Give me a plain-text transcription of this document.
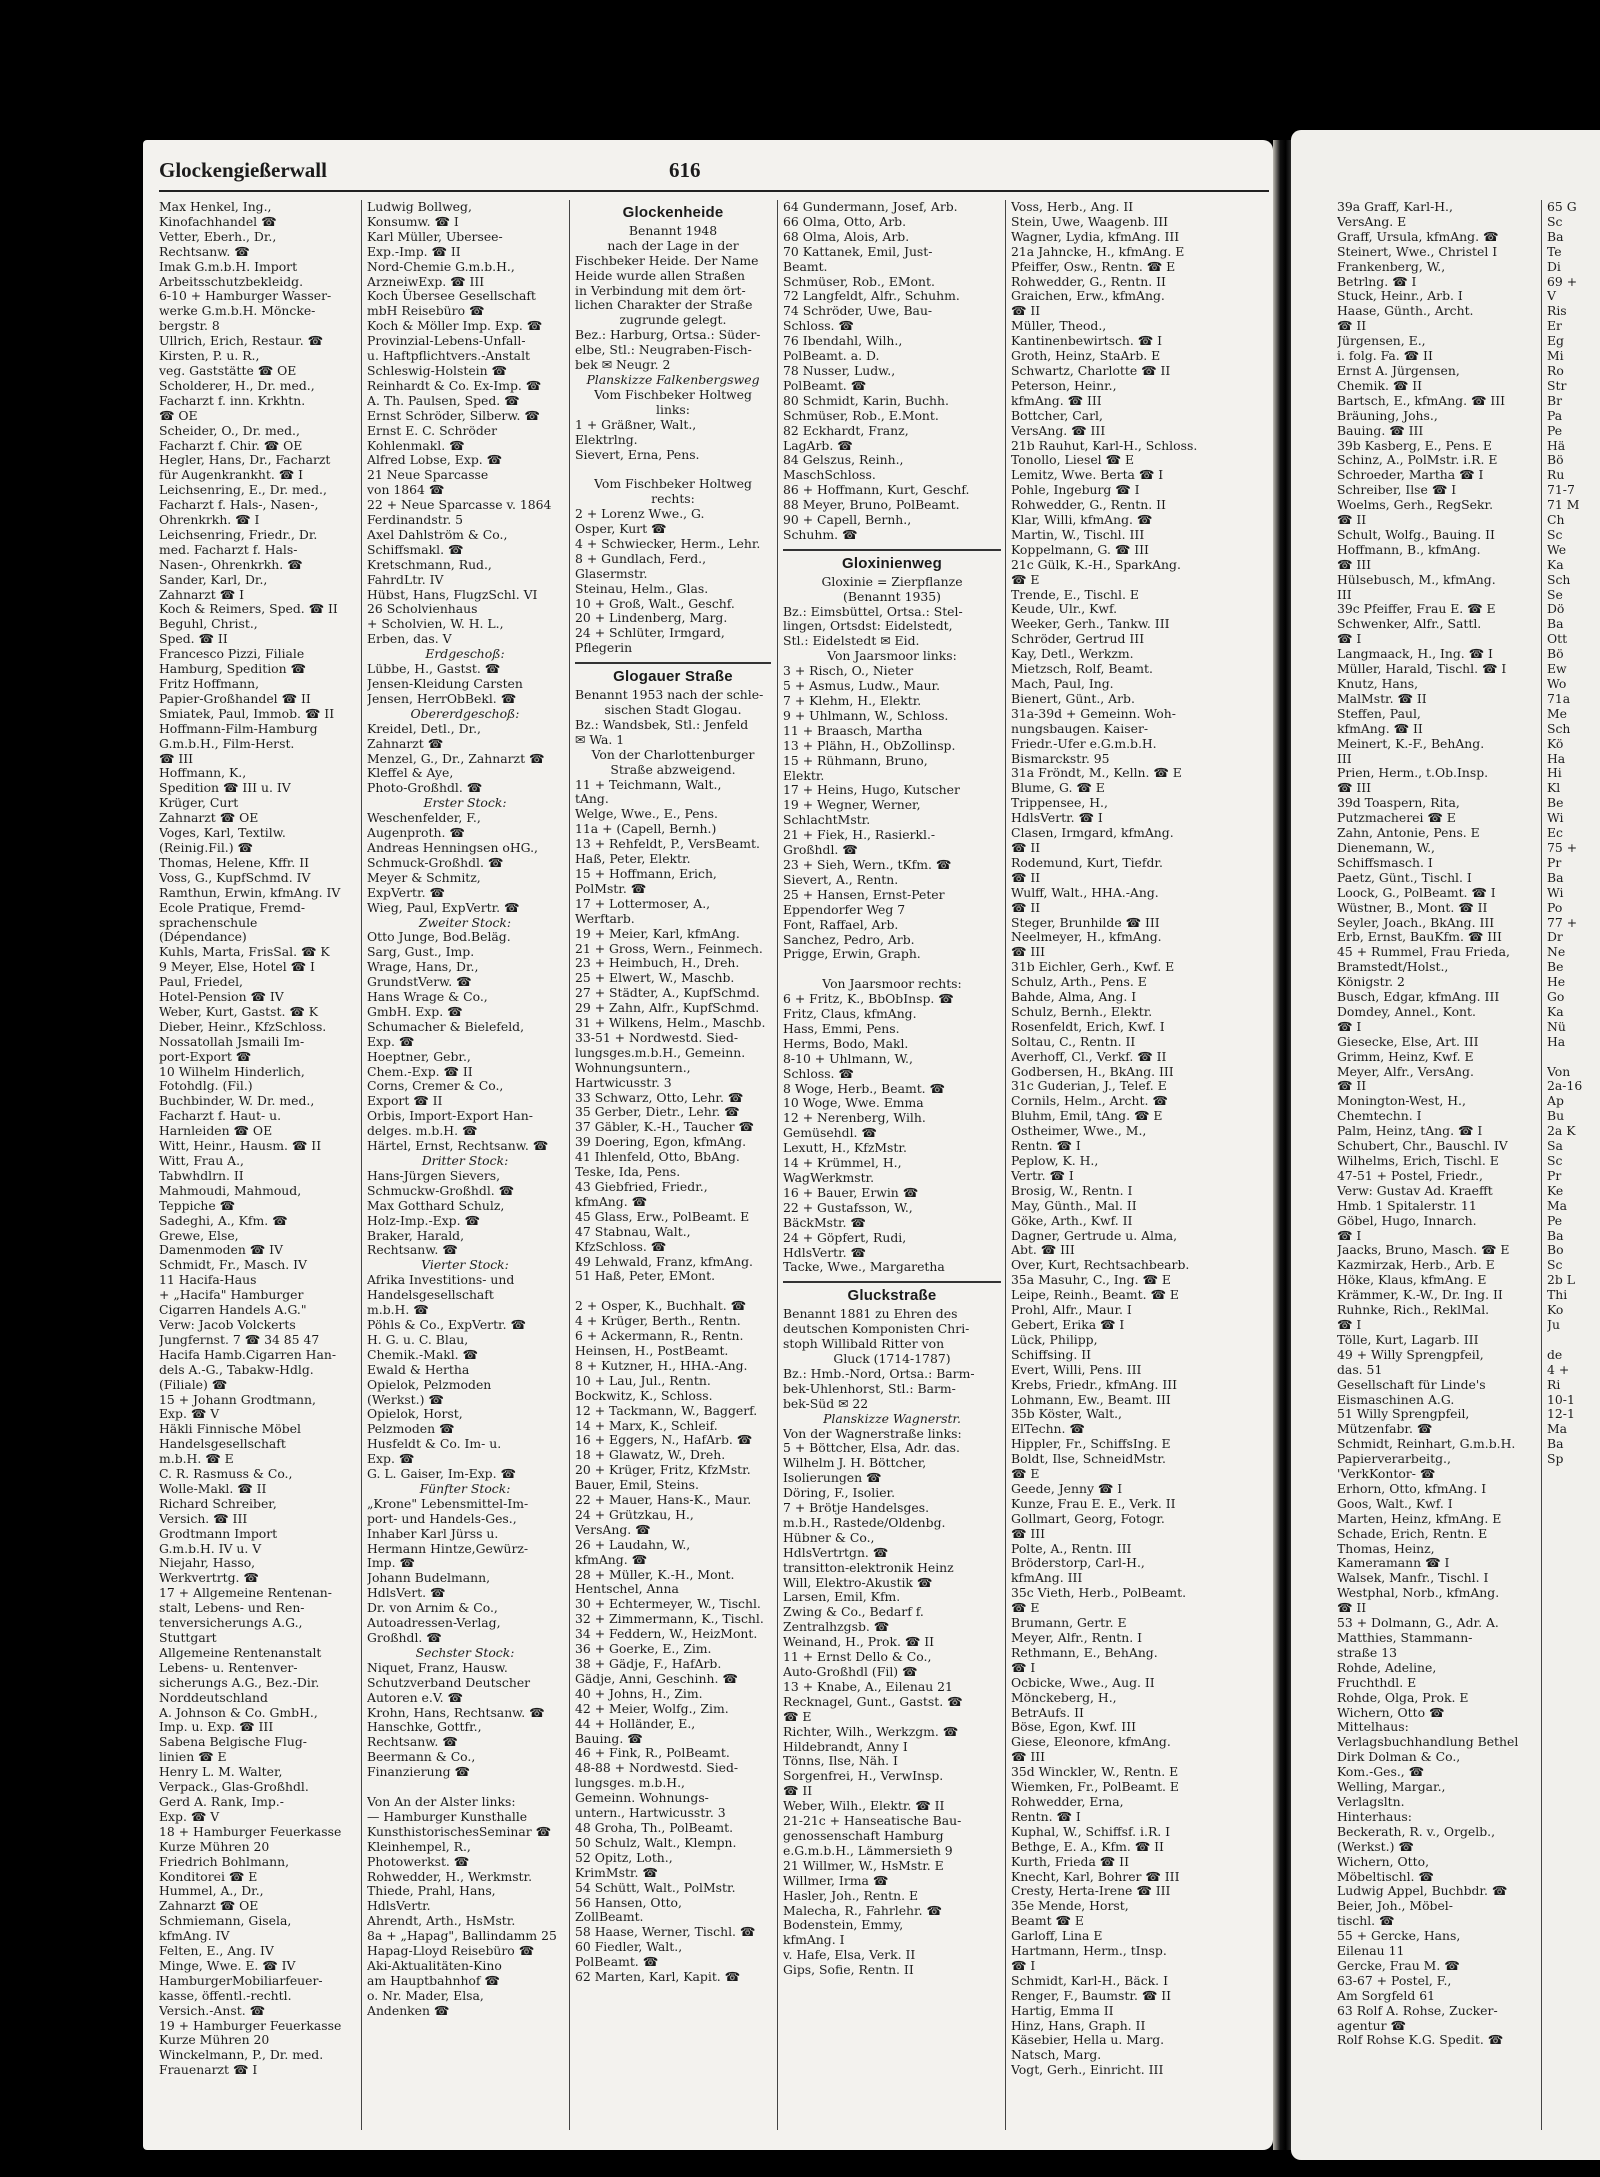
Glockengießerwall	616
Max Henkel, Ing.,
Kinofachhandel ☎
Vetter, Eberh., Dr.,
Rechtsanw. ☎
Imak G.m.b.H. Import
Arbeitsschutzbekleidg.
6-10 + Hamburger Wasser-
werke G.m.b.H. Möncke-
bergstr. 8
Ullrich, Erich, Restaur. ☎
Kirsten, P. u. R.,
veg. Gaststätte ☎ OE
Scholderer, H., Dr. med.,
Facharzt f. inn. Krkhtn.
☎ OE
Scheider, O., Dr. med.,
Facharzt f. Chir. ☎ OE
Hegler, Hans, Dr., Facharzt
für Augenkrankht. ☎ I
Leichsenring, E., Dr. med.,
Facharzt f. Hals-, Nasen-,
Ohrenkrkh. ☎ I
Leichsenring, Friedr., Dr.
med. Facharzt f. Hals-
Nasen-, Ohrenkrkh. ☎
Sander, Karl, Dr.,
Zahnarzt ☎ I
Koch & Reimers, Sped. ☎ II
Beguhl, Christ.,
Sped. ☎ II
Francesco Pizzi, Filiale
Hamburg, Spedition ☎
Fritz Hoffmann,
Papier-Großhandel ☎ II
Smiatek, Paul, Immob. ☎ II
Hoffmann-Film-Hamburg
G.m.b.H., Film-Herst.
☎ III
Hoffmann, K.,
Spedition ☎ III u. IV
Krüger, Curt
Zahnarzt ☎ OE
Voges, Karl, Textilw.
(Reinig.Fil.) ☎
Thomas, Helene, Kffr. II
Voss, G., KupfSchmd. IV
Ramthun, Erwin, kfmAng. IV
Ecole Pratique, Fremd-
sprachenschule
(Dépendance)
Kuhls, Marta, FrisSal. ☎ K
9 Meyer, Else, Hotel ☎ I
Paul, Friedel,
Hotel-Pension ☎ IV
Weber, Kurt, Gastst. ☎ K
Dieber, Heinr., KfzSchloss.
Nossatollah Jsmaili Im-
port-Export ☎
10 Wilhelm Hinderlich,
Fotohdlg. (Fil.)
Buchbinder, W. Dr. med.,
Facharzt f. Haut- u.
Harnleiden ☎ OE
Witt, Heinr., Hausm. ☎ II
Witt, Frau A.,
Tabwhdlrn. II
Mahmoudi, Mahmoud,
Teppiche ☎
Sadeghi, A., Kfm. ☎
Grewe, Else,
Damenmoden ☎ IV
Schmidt, Fr., Masch. IV
11 Hacifa-Haus
+ „Hacifa" Hamburger
Cigarren Handels A.G."
Verw: Jacob Volckerts
Jungfernst. 7 ☎ 34 85 47
Hacifa Hamb.Cigarren Han-
dels A.-G., Tabakw-Hdlg.
(Filiale) ☎
15 + Johann Grodtmann,
Exp. ☎ V
Häkli Finnische Möbel
Handelsgesellschaft
m.b.H. ☎ E
C. R. Rasmuss & Co.,
Wolle-Makl. ☎ II
Richard Schreiber,
Versich. ☎ III
Grodtmann Import
G.m.b.H. IV u. V
Niejahr, Hasso,
Werkvertrtg. ☎
17 + Allgemeine Rentenan-
stalt, Lebens- und Ren-
tenversicherungs A.G.,
Stuttgart
Allgemeine Rentenanstalt
Lebens- u. Rentenver-
sicherungs A.G., Bez.-Dir.
Norddeutschland
A. Johnson & Co. GmbH.,
Imp. u. Exp. ☎ III
Sabena Belgische Flug-
linien ☎ E
Henry L. M. Walter,
Verpack., Glas-Großhdl.
Gerd A. Rank, Imp.-
Exp. ☎ V
18 + Hamburger Feuerkasse
Kurze Mühren 20
Friedrich Bohlmann,
Konditorei ☎ E
Hummel, A., Dr.,
Zahnarzt ☎ OE
Schmiemann, Gisela,
kfmAng. IV
Felten, E., Ang. IV
Minge, Wwe. E. ☎ IV
HamburgerMobiliarfeuer-
kasse, öffentl.-rechtl.
Versich.-Anst. ☎
19 + Hamburger Feuerkasse
Kurze Mühren 20
Winckelmann, P., Dr. med.
Frauenarzt ☎ I
Ludwig Bollweg,
Konsumw. ☎ I
Karl Müller, Ubersee-
Exp.-Imp. ☎ II
Nord-Chemie G.m.b.H.,
ArzneiwExp. ☎ III
Koch Übersee Gesellschaft
mbH Reisebüro ☎
Koch & Möller Imp. Exp. ☎
Provinzial-Lebens-Unfall-
u. Haftpflichtvers.-Anstalt
Schleswig-Holstein ☎
Reinhardt & Co. Ex-Imp. ☎
A. Th. Paulsen, Sped. ☎
Ernst Schröder, Silberw. ☎
Ernst E. C. Schröder
Kohlenmakl. ☎
Alfred Lobse, Exp. ☎
21 Neue Sparcasse
von 1864 ☎
22 + Neue Sparcasse v. 1864
Ferdinandstr. 5
Axel Dahlström & Co.,
Schiffsmakl. ☎
Kretschmann, Rud.,
FahrdLtr. IV
Hübst, Hans, FlugzSchl. VI
26 Scholvienhaus
+ Scholvien, W. H. L.,
Erben, das. V
Erdgeschoß:
Lübbe, H., Gastst. ☎
Jensen-Kleidung Carsten
Jensen, HerrObBekl. ☎
Obererdgeschoß:
Kreidel, Detl., Dr.,
Zahnarzt ☎
Menzel, G., Dr., Zahnarzt ☎
Kleffel & Aye,
Photo-Großhdl. ☎
Erster Stock:
Weschenfelder, F.,
Augenproth. ☎
Andreas Henningsen oHG.,
Schmuck-Großhdl. ☎
Meyer & Schmitz,
ExpVertr. ☎
Wieg, Paul, ExpVertr. ☎
Zweiter Stock:
Otto Junge, Bod.Beläg.
Sarg, Gust., Imp.
Wrage, Hans, Dr.,
GrundstVerw. ☎
Hans Wrage & Co.,
GmbH. Exp. ☎
Schumacher & Bielefeld,
Exp. ☎
Hoeptner, Gebr.,
Chem.-Exp. ☎ II
Corns, Cremer & Co.,
Export ☎ II
Orbis, Import-Export Han-
delges. m.b.H. ☎
Härtel, Ernst, Rechtsanw. ☎
Dritter Stock:
Hans-Jürgen Sievers,
Schmuckw-Großhdl. ☎
Max Gotthard Schulz,
Holz-Imp.-Exp. ☎
Braker, Harald,
Rechtsanw. ☎
Vierter Stock:
Afrika Investitions- und
Handelsgesellschaft
m.b.H. ☎
Pöhls & Co., ExpVertr. ☎
H. G. u. C. Blau,
Chemik.-Makl. ☎
Ewald & Hertha
Opielok, Pelzmoden
(Werkst.) ☎
Opielok, Horst,
Pelzmoden ☎
Husfeldt & Co. Im- u.
Exp. ☎
G. L. Gaiser, Im-Exp. ☎
Fünfter Stock:
„Krone" Lebensmittel-Im-
port- und Handels-Ges.,
Inhaber Karl Jürss u.
Hermann Hintze,Gewürz-
Imp. ☎
Johann Budelmann,
HdlsVert. ☎
Dr. von Arnim & Co.,
Autoadressen-Verlag,
Großhdl. ☎
Sechster Stock:
Niquet, Franz, Hausw.
Schutzverband Deutscher
Autoren e.V. ☎
Krohn, Hans, Rechtsanw. ☎
Hanschke, Gottfr.,
Rechtsanw. ☎
Beermann & Co.,
Finanzierung ☎

Von An der Alster links:
— Hamburger Kunsthalle
KunsthistorischesSeminar ☎
Kleinhempel, R.,
Photowerkst. ☎
Rohwedder, H., Werkmstr.
Thiede, Prahl, Hans,
HdlsVertr.
Ahrendt, Arth., HsMstr.
8a + „Hapag", Ballindamm 25
Hapag-Lloyd Reisebüro ☎
Aki-Aktualitäten-Kino
am Hauptbahnhof ☎
o. Nr. Mader, Elsa,
Andenken ☎
Glockenheide
Benannt 1948
nach der Lage in der
Fischbeker Heide. Der Name
Heide wurde allen Straßen
in Verbindung mit dem ört-
lichen Charakter der Straße
zugrunde gelegt.
Bez.: Harburg, Ortsa.: Süder-
elbe, Stl.: Neugraben-Fisch-
bek ✉ Neugr. 2
Planskizze Falkenbergsweg
Vom Fischbeker Holtweg
links:
1 + Gräßner, Walt.,
Elektrlng.
Sievert, Erna, Pens.

Vom Fischbeker Holtweg
rechts:
2 + Lorenz Wwe., G.
Osper, Kurt ☎
4 + Schwiecker, Herm., Lehr.
8 + Gundlach, Ferd.,
Glasermstr.
Steinau, Helm., Glas.
10 + Groß, Walt., Geschf.
20 + Lindenberg, Marg.
24 + Schlüter, Irmgard,
Pflegerin
Glogauer Straße
Benannt 1953 nach der schle-
sischen Stadt Glogau.
Bz.: Wandsbek, Stl.: Jenfeld
✉ Wa. 1
Von der Charlottenburger
Straße abzweigend.
11 + Teichmann, Walt.,
tAng.
Welge, Wwe., E., Pens.
11a + (Capell, Bernh.)
13 + Rehfeldt, P., VersBeamt.
Haß, Peter, Elektr.
15 + Hoffmann, Erich,
PolMstr. ☎
17 + Lottermoser, A.,
Werftarb.
19 + Meier, Karl, kfmAng.
21 + Gross, Wern., Feinmech.
23 + Heimbuch, H., Dreh.
25 + Elwert, W., Maschb.
27 + Städter, A., KupfSchmd.
29 + Zahn, Alfr., KupfSchmd.
31 + Wilkens, Helm., Maschb.
33-51 + Nordwestd. Sied-
lungsges.m.b.H., Gemeinn.
Wohnungsuntern.,
Hartwicusstr. 3
33 Schwarz, Otto, Lehr. ☎
35 Gerber, Dietr., Lehr. ☎
37 Gäbler, K.-H., Taucher ☎
39 Doering, Egon, kfmAng.
41 Ihlenfeld, Otto, BbAng.
Teske, Ida, Pens.
43 Giebfried, Friedr.,
kfmAng. ☎
45 Glass, Erw., PolBeamt. E
47 Stabnau, Walt.,
KfzSchloss. ☎
49 Lehwald, Franz, kfmAng.
51 Haß, Peter, EMont.

2 + Osper, K., Buchhalt. ☎
4 + Krüger, Berth., Rentn.
6 + Ackermann, R., Rentn.
Heinsen, H., PostBeamt.
8 + Kutzner, H., HHA.-Ang.
10 + Lau, Jul., Rentn.
Bockwitz, K., Schloss.
12 + Tackmann, W., Baggerf.
14 + Marx, K., Schleif.
16 + Eggers, N., HafArb. ☎
18 + Glawatz, W., Dreh.
20 + Krüger, Fritz, KfzMstr.
Bauer, Emil, Steins.
22 + Mauer, Hans-K., Maur.
24 + Grützkau, H.,
VersAng. ☎
26 + Laudahn, W.,
kfmAng. ☎
28 + Müller, K.-H., Mont.
Hentschel, Anna
30 + Echtermeyer, W., Tischl.
32 + Zimmermann, K., Tischl.
34 + Feddern, W., HeizMont.
36 + Goerke, E., Zim.
38 + Gädje, F., HafArb.
Gädje, Anni, Geschinh. ☎
40 + Johns, H., Zim.
42 + Meier, Wolfg., Zim.
44 + Holländer, E.,
Bauing. ☎
46 + Fink, R., PolBeamt.
48-88 + Nordwestd. Sied-
lungsges. m.b.H.,
Gemeinn. Wohnungs-
untern., Hartwicusstr. 3
48 Groha, Th., PolBeamt.
50 Schulz, Walt., Klempn.
52 Opitz, Loth.,
KrimMstr. ☎
54 Schütt, Walt., PolMstr.
56 Hansen, Otto,
ZollBeamt.
58 Haase, Werner, Tischl. ☎
60 Fiedler, Walt.,
PolBeamt. ☎
62 Marten, Karl, Kapit. ☎
64 Gundermann, Josef, Arb.
66 Olma, Otto, Arb.
68 Olma, Alois, Arb.
70 Kattanek, Emil, Just-
Beamt.
Schmüser, Rob., EMont.
72 Langfeldt, Alfr., Schuhm.
74 Schröder, Uwe, Bau-
Schloss. ☎
76 Ibendahl, Wilh.,
PolBeamt. a. D.
78 Nusser, Ludw.,
PolBeamt. ☎
80 Schmidt, Karin, Buchh.
Schmüser, Rob., E.Mont.
82 Eckhardt, Franz,
LagArb. ☎
84 Gelszus, Reinh.,
MaschSchloss.
86 + Hoffmann, Kurt, Geschf.
88 Meyer, Bruno, PolBeamt.
90 + Capell, Bernh.,
Schuhm. ☎
Gloxinienweg
Gloxinie = Zierpflanze
(Benannt 1935)
Bz.: Eimsbüttel, Ortsa.: Stel-
lingen, Ortsdst: Eidelstedt,
Stl.: Eidelstedt ✉ Eid.
Von Jaarsmoor links:
3 + Risch, O., Nieter
5 + Asmus, Ludw., Maur.
7 + Klehm, H., Elektr.
9 + Uhlmann, W., Schloss.
11 + Braasch, Martha
13 + Plähn, H., ObZollinsp.
15 + Rühmann, Bruno,
Elektr.
17 + Heins, Hugo, Kutscher
19 + Wegner, Werner,
SchlachtMstr.
21 + Fiek, H., Rasierkl.-
Großhdl. ☎
23 + Sieh, Wern., tKfm. ☎
Sievert, A., Rentn.
25 + Hansen, Ernst-Peter
Eppendorfer Weg 7
Font, Raffael, Arb.
Sanchez, Pedro, Arb.
Prigge, Erwin, Graph.

Von Jaarsmoor rechts:
6 + Fritz, K., BbObInsp. ☎
Fritz, Claus, kfmAng.
Hass, Emmi, Pens.
Herms, Bodo, Makl.
8-10 + Uhlmann, W.,
Schloss. ☎
8 Woge, Herb., Beamt. ☎
10 Woge, Wwe. Emma
12 + Nerenberg, Wilh.
Gemüsehdl. ☎
Lexutt, H., KfzMstr.
14 + Krümmel, H.,
WagWerkmstr.
16 + Bauer, Erwin ☎
22 + Gustafsson, W.,
BäckMstr. ☎
24 + Göpfert, Rudi,
HdlsVertr. ☎
Tacke, Wwe., Margaretha
Gluckstraße
Benannt 1881 zu Ehren des
deutschen Komponisten Chri-
stoph Willibald Ritter von
Gluck (1714-1787)
Bz.: Hmb.-Nord, Ortsa.: Barm-
bek-Uhlenhorst, Stl.: Barm-
bek-Süd ✉ 22
Planskizze Wagnerstr.
Von der Wagnerstraße links:
5 + Böttcher, Elsa, Adr. das.
Wilhelm J. H. Böttcher,
Isolierungen ☎
Döring, F., Isolier.
7 + Brötje Handelsges.
m.b.H., Rastede/Oldenbg.
Hübner & Co.,
HdlsVertrtgn. ☎
transitton-elektronik Heinz
Will, Elektro-Akustik ☎
Larsen, Emil, Kfm.
Zwing & Co., Bedarf f.
Zentralhzgsb. ☎
Weinand, H., Prok. ☎ II
11 + Ernst Dello & Co.,
Auto-Großhdl (Fil) ☎
13 + Knabe, A., Eilenau 21
Recknagel, Gunt., Gastst. ☎
☎ E
Richter, Wilh., Werkzgm. ☎
Hildebrandt, Anny I
Tönns, Ilse, Näh. I
Sorgenfrei, H., VerwInsp.
☎ II
Weber, Wilh., Elektr. ☎ II
21-21c + Hanseatische Bau-
genossenschaft Hamburg
e.G.m.b.H., Lämmersieth 9
21 Willmer, W., HsMstr. E
Willmer, Irma ☎
Hasler, Joh., Rentn. E
Malecha, R., Fahrlehr. ☎
Bodenstein, Emmy,
kfmAng. I
v. Hafe, Elsa, Verk. II
Gips, Sofie, Rentn. II
Voss, Herb., Ang. II
Stein, Uwe, Waagenb. III
Wagner, Lydia, kfmAng. III
21a Jahncke, H., kfmAng. E
Pfeiffer, Osw., Rentn. ☎ E
Rohwedder, G., Rentn. II
Graichen, Erw., kfmAng.
☎ II
Müller, Theod.,
Kantinenbewirtsch. ☎ I
Groth, Heinz, StaArb. E
Schwartz, Charlotte ☎ II
Peterson, Heinr.,
kfmAng. ☎ III
Bottcher, Carl,
VersAng. ☎ III
21b Rauhut, Karl-H., Schloss.
Tonollo, Liesel ☎ E
Lemitz, Wwe. Berta ☎ I
Pohle, Ingeburg ☎ I
Rohwedder, G., Rentn. II
Klar, Willi, kfmAng. ☎
Martin, W., Tischl. III
Koppelmann, G. ☎ III
21c Gülk, K.-H., SparkAng.
☎ E
Trende, E., Tischl. E
Keude, Ulr., Kwf.
Weeker, Gerh., Tankw. III
Schröder, Gertrud III
Kay, Detl., Werkzm.
Mietzsch, Rolf, Beamt.
Mach, Paul, Ing.
Bienert, Günt., Arb.
31a-39d + Gemeinn. Woh-
nungsbaugen. Kaiser-
Friedr.-Ufer e.G.m.b.H.
Bismarckstr. 95
31a Fröndt, M., Kelln. ☎ E
Blume, G. ☎ E
Trippensee, H.,
HdlsVertr. ☎ I
Clasen, Irmgard, kfmAng.
☎ II
Rodemund, Kurt, Tiefdr.
☎ II
Wulff, Walt., HHA.-Ang.
☎ II
Steger, Brunhilde ☎ III
Neelmeyer, H., kfmAng.
☎ III
31b Eichler, Gerh., Kwf. E
Schulz, Arth., Pens. E
Bahde, Alma, Ang. I
Schulz, Bernh., Elektr.
Rosenfeldt, Erich, Kwf. I
Soltau, C., Rentn. II
Averhoff, Cl., Verkf. ☎ II
Godbersen, H., BkAng. III
31c Guderian, J., Telef. E
Cornils, Helm., Archt. ☎
Bluhm, Emil, tAng. ☎ E
Ostheimer, Wwe., M.,
Rentn. ☎ I
Peplow, K. H.,
Vertr. ☎ I
Brosig, W., Rentn. I
May, Günth., Mal. II
Göke, Arth., Kwf. II
Dagner, Gertrude u. Alma,
Abt. ☎ III
Over, Kurt, Rechtsachbearb.
35a Masuhr, C., Ing. ☎ E
Leipe, Reinh., Beamt. ☎ E
Prohl, Alfr., Maur. I
Gebert, Erika ☎ I
Lück, Philipp,
Schiffsing. II
Evert, Willi, Pens. III
Krebs, Friedr., kfmAng. III
Lohmann, Ew., Beamt. III
35b Köster, Walt.,
ElTechn. ☎
Hippler, Fr., SchiffsIng. E
Boldt, Ilse, SchneidMstr.
☎ E
Geede, Jenny ☎ I
Kunze, Frau E. E., Verk. II
Gollmart, Georg, Fotogr.
☎ III
Polte, A., Rentn. III
Bröderstorp, Carl-H.,
kfmAng. III
35c Vieth, Herb., PolBeamt.
☎ E
Brumann, Gertr. E
Meyer, Alfr., Rentn. I
Rethmann, E., BehAng.
☎ I
Ocbicke, Wwe., Aug. II
Mönckeberg, H.,
BetrAufs. II
Böse, Egon, Kwf. III
Giese, Eleonore, kfmAng.
☎ III
35d Winckler, W., Rentn. E
Wiemken, Fr., PolBeamt. E
Rohwedder, Erna,
Rentn. ☎ I
Kuphal, W., Schiffsf. i.R. I
Bethge, E. A., Kfm. ☎ II
Kurth, Frieda ☎ II
Knecht, Karl, Bohrer ☎ III
Cresty, Herta-Irene ☎ III
35e Mende, Horst,
Beamt ☎ E
Garloff, Lina E
Hartmann, Herm., tInsp.
☎ I
Schmidt, Karl-H., Bäck. I
Renger, F., Baumstr. ☎ II
Hartig, Emma II
Hinz, Hans, Graph. II
Käsebier, Hella u. Marg.
Natsch, Marg.
Vogt, Gerh., Einricht. III
39a Graff, Karl-H.,
VersAng. E
Graff, Ursula, kfmAng. ☎
Steinert, Wwe., Christel I
Frankenberg, W.,
Betrlng. ☎ I
Stuck, Heinr., Arb. I
Haase, Günth., Archt.
☎ II
Jürgensen, E.,
i. folg. Fa. ☎ II
Ernst A. Jürgensen,
Chemik. ☎ II
Bartsch, E., kfmAng. ☎ III
Bräuning, Johs.,
Bauing. ☎ III
39b Kasberg, E., Pens. E
Schinz, A., PolMstr. i.R. E
Schroeder, Martha ☎ I
Schreiber, Ilse ☎ I
Woelms, Gerh., RegSekr.
☎ II
Schult, Wolfg., Bauing. II
Hoffmann, B., kfmAng.
☎ III
Hülsebusch, M., kfmAng.
III
39c Pfeiffer, Frau E. ☎ E
Schwenker, Alfr., Sattl.
☎ I
Langmaack, H., Ing. ☎ I
Müller, Harald, Tischl. ☎ I
Knutz, Hans,
MalMstr. ☎ II
Steffen, Paul,
kfmAng. ☎ II
Meinert, K.-F., BehAng.
III
Prien, Herm., t.Ob.Insp.
☎ III
39d Toaspern, Rita,
Putzmacherei ☎ E
Zahn, Antonie, Pens. E
Dienemann, W.,
Schiffsmasch. I
Paetz, Günt., Tischl. I
Loock, G., PolBeamt. ☎ I
Wüstner, B., Mont. ☎ II
Seyler, Joach., BkAng. III
Erb, Ernst, BauKfm. ☎ III
45 + Rummel, Frau Frieda,
Bramstedt/Holst.,
Königstr. 2
Busch, Edgar, kfmAng. III
Domdey, Annel., Kont.
☎ I
Giesecke, Else, Art. III
Grimm, Heinz, Kwf. E
Meyer, Alfr., VersAng.
☎ II
Monington-West, H.,
Chemtechn. I
Palm, Heinz, tAng. ☎ I
Schubert, Chr., Bauschl. IV
Wilhelms, Erich, Tischl. E
47-51 + Postel, Friedr.,
Verw: Gustav Ad. Kraefft
Hmb. 1 Spitalerstr. 11
Göbel, Hugo, Innarch.
☎ I
Jaacks, Bruno, Masch. ☎ E
Kazmirzak, Herb., Arb. E
Höke, Klaus, kfmAng. E
Krämmer, K.-W., Dr. Ing. II
Ruhnke, Rich., ReklMal.
☎ I
Tölle, Kurt, Lagarb. III
49 + Willy Sprengpfeil,
das. 51
Gesellschaft für Linde's
Eismaschinen A.G.
51 Willy Sprengpfeil,
Mützenfabr. ☎
Schmidt, Reinhart, G.m.b.H.
Papierverarbeitg.,
'VerkKontor- ☎
Erhorn, Otto, kfmAng. I
Goos, Walt., Kwf. I
Marten, Heinz, kfmAng. E
Schade, Erich, Rentn. E
Thomas, Heinz,
Kameramann ☎ I
Walsek, Manfr., Tischl. I
Westphal, Norb., kfmAng.
☎ II
53 + Dolmann, G., Adr. A.
Matthies, Stammann-
straße 13
Rohde, Adeline,
Fruchthdl. E
Rohde, Olga, Prok. E
Wichern, Otto ☎
Mittelhaus:
Verlagsbuchhandlung Bethel
Dirk Dolman & Co.,
Kom.-Ges., ☎
Welling, Margar.,
Verlagsltn.
Hinterhaus:
Beckerath, R. v., Orgelb.,
(Werkst.) ☎
Wichern, Otto,
Möbeltischl. ☎
Ludwig Appel, Buchbdr. ☎
Beier, Joh., Möbel-
tischl. ☎
55 + Gercke, Hans,
Eilenau 11
Gercke, Frau M. ☎
63-67 + Postel, F.,
Am Sorgfeld 61
63 Rolf A. Rohse, Zucker-
agentur ☎
Rolf Rohse K.G. Spedit. ☎
65 G
Sc
Ba
Te
Di
69 +
V
Ris
Er
Eg
Mi
Ro
Str
Br
Pa
Pe
Hä
Bö
Ru
71-7
71 M
Ch
Sc
We
Ka
Sch
Se
Dö
Ba
Ott
Bö
Ew
Wo
71a
Me
Sch
Kö
Ha
Hi
Kl
Be
Wi
Ec
75 +
Pr
Ba
Wi
Po
77 +
Dr
Ne
Be
He
Go
Ka
Nü
Ha

Von
2a-16
Ap
Bu
2a K
Sa
Sc
Pr
Ke
Ma
Pe
Ba
Bo
Sc
2b L
Thi
Ko
Ju

de
4 +
Ri
10-1
12-1
Ma
Ba
Sp
